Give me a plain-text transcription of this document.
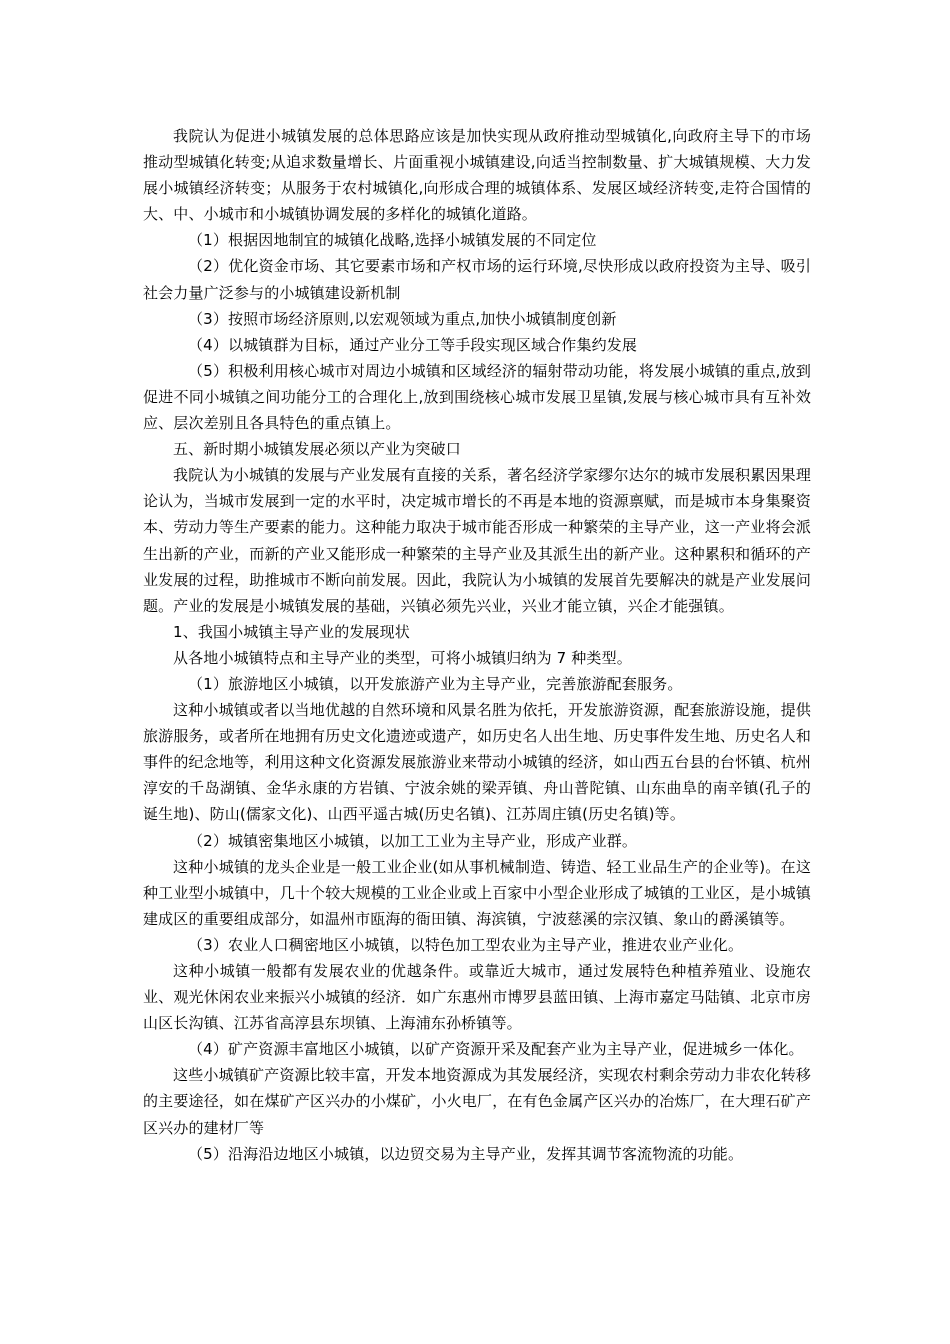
我院认为促进小城镇发展的总体思路应该是加快实现从政府推动型城镇化,向政府主导下的市场推动型城镇化转变;从追求数量增长、片面重视小城镇建设,向适当控制数量、扩大城镇规模、大力发展小城镇经济转变；从服务于农村城镇化,向形成合理的城镇体系、发展区域经济转变,走符合国情的大、中、小城市和小城镇协调发展的多样化的城镇化道路。

（1）根据因地制宜的城镇化战略,选择小城镇发展的不同定位

（2）优化资金市场、其它要素市场和产权市场的运行环境,尽快形成以政府投资为主导、吸引社会力量广泛参与的小城镇建设新机制

（3）按照市场经济原则,以宏观领域为重点,加快小城镇制度创新

（4）以城镇群为目标，通过产业分工等手段实现区域合作集约发展

（5）积极利用核心城市对周边小城镇和区域经济的辐射带动功能，将发展小城镇的重点,放到促进不同小城镇之间功能分工的合理化上,放到围绕核心城市发展卫星镇,发展与核心城市具有互补效应、层次差别且各具特色的重点镇上。

五、新时期小城镇发展必须以产业为突破口

我院认为小城镇的发展与产业发展有直接的关系，著名经济学家缪尔达尔的城市发展积累因果理论认为，当城市发展到一定的水平时，决定城市增长的不再是本地的资源禀赋，而是城市本身集聚资本、劳动力等生产要素的能力。这种能力取决于城市能否形成一种繁荣的主导产业，这一产业将会派生出新的产业，而新的产业又能形成一种繁荣的主导产业及其派生出的新产业。这种累积和循环的产业发展的过程，助推城市不断向前发展。因此，我院认为小城镇的发展首先要解决的就是产业发展问题。产业的发展是小城镇发展的基础，兴镇必须先兴业，兴业才能立镇，兴企才能强镇。

1、我国小城镇主导产业的发展现状

从各地小城镇特点和主导产业的类型，可将小城镇归纳为 7 种类型。

（1）旅游地区小城镇，以开发旅游产业为主导产业，完善旅游配套服务。

这种小城镇或者以当地优越的自然环境和风景名胜为依托，开发旅游资源，配套旅游设施，提供旅游服务，或者所在地拥有历史文化遗迹或遗产，如历史名人出生地、历史事件发生地、历史名人和事件的纪念地等，利用这种文化资源发展旅游业来带动小城镇的经济，如山西五台县的台怀镇、杭州淳安的千岛湖镇、金华永康的方岩镇、宁波余姚的梁弄镇、舟山普陀镇、山东曲阜的南辛镇(孔子的诞生地)、防山(儒家文化)、山西平遥古城(历史名镇)、江苏周庄镇(历史名镇)等。

（2）城镇密集地区小城镇，以加工工业为主导产业，形成产业群。

这种小城镇的龙头企业是一般工业企业(如从事机械制造、铸造、轻工业品生产的企业等)。在这种工业型小城镇中，几十个较大规模的工业企业或上百家中小型企业形成了城镇的工业区，是小城镇建成区的重要组成部分，如温州市瓯海的衙田镇、海滨镇，宁波慈溪的宗汉镇、象山的爵溪镇等。

（3）农业人口稠密地区小城镇，以特色加工型农业为主导产业，推进农业产业化。

这种小城镇一般都有发展农业的优越条件。或靠近大城市，通过发展特色种植养殖业、设施农业、观光休闲农业来振兴小城镇的经济．如广东惠州市博罗县蓝田镇、上海市嘉定马陆镇、北京市房山区长沟镇、江苏省高淳县东坝镇、上海浦东孙桥镇等。

（4）矿产资源丰富地区小城镇，以矿产资源开采及配套产业为主导产业，促进城乡一体化。

这些小城镇矿产资源比较丰富，开发本地资源成为其发展经济，实现农村剩余劳动力非农化转移的主要途径，如在煤矿产区兴办的小煤矿，小火电厂，在有色金属产区兴办的冶炼厂，在大理石矿产区兴办的建材厂等

（5）沿海沿边地区小城镇，以边贸交易为主导产业，发挥其调节客流物流的功能。
